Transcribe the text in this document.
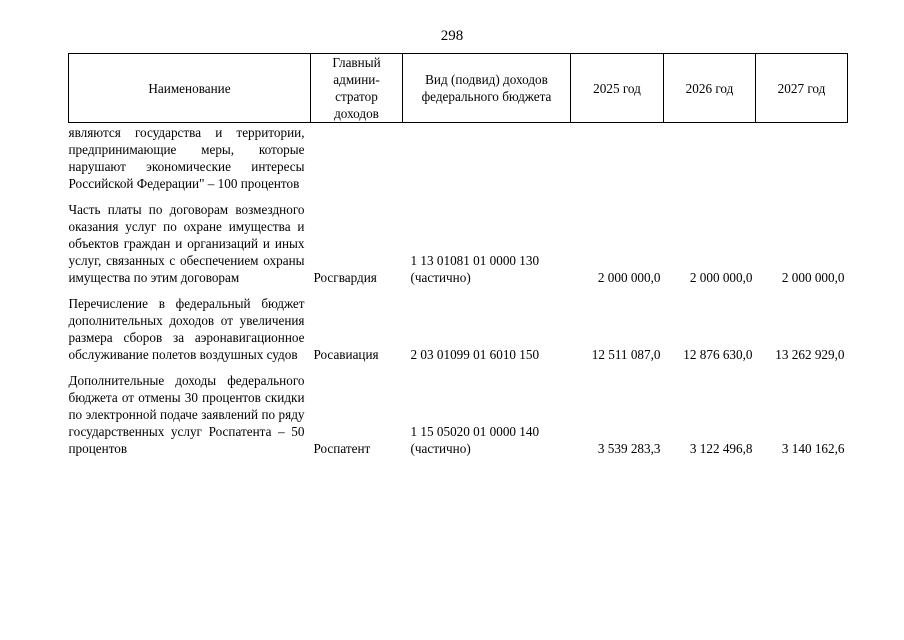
298
Наименование	Главный админи-стратор доходов	Вид (подвид) доходов федерального бюджета	2025 год	2026 год	2027 год
являются государства и территории, предпринимающие меры, которые нарушают экономические интересы Российской Федерации" – 100 процентов					
Часть платы по договорам возмездного оказания услуг по охране имущества и объектов граждан и организаций и иных услуг, связанных с обеспечением охраны имущества по этим договорам	Росгвардия	1 13 01081 01 0000 130 (частично)	2 000 000,0	2 000 000,0	2 000 000,0
Перечисление в федеральный бюджет дополнительных доходов от увеличения размера сборов за аэронавигационное обслуживание полетов воздушных судов	Росавиация	2 03 01099 01 6010 150	12 511 087,0	12 876 630,0	13 262 929,0
Дополнительные доходы федерального бюджета от отмены 30 процентов скидки по электронной подаче заявлений по ряду государственных услуг Роспатента – 50 процентов	Роспатент	1 15 05020 01 0000 140 (частично)	3 539 283,3	3 122 496,8	3 140 162,6
